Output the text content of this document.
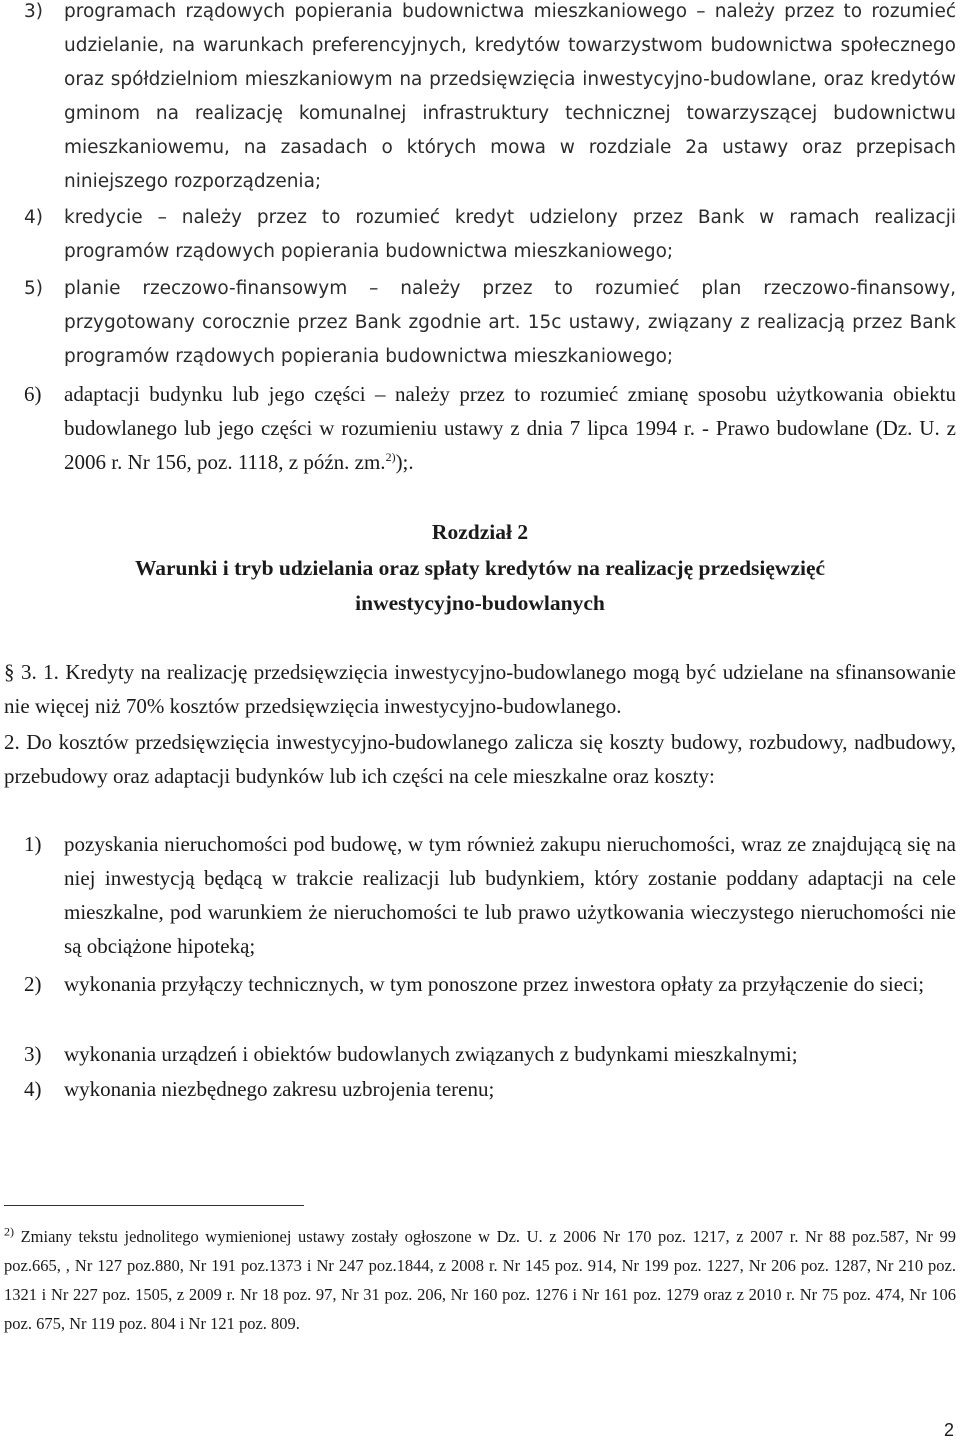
3)	programach rządowych popierania budownictwa mieszkaniowego – należy przez to rozumieć udzielanie, na warunkach preferencyjnych, kredytów towarzystwom budownictwa społecznego oraz spółdzielniom mieszkaniowym na przedsięwzięcia inwestycyjno-budowlane, oraz kredytów gminom na realizację komunalnej infrastruktury technicznej towarzyszącej budownictwu mieszkaniowemu, na zasadach o których mowa w rozdziale 2a ustawy oraz przepisach niniejszego rozporządzenia;
4)	kredycie – należy przez to rozumieć kredyt udzielony przez Bank w ramach realizacji programów rządowych popierania budownictwa mieszkaniowego;
5)	planie rzeczowo-finansowym – należy przez to rozumieć plan rzeczowo-finansowy, przygotowany corocznie przez Bank zgodnie art. 15c ustawy, związany z realizacją przez Bank programów rządowych popierania budownictwa mieszkaniowego;
6)	adaptacji budynku lub jego części – należy przez to rozumieć zmianę sposobu użytkowania obiektu budowlanego lub jego części w rozumieniu ustawy z dnia 7 lipca 1994 r. - Prawo budowlane (Dz. U. z 2006 r. Nr 156, poz. 1118, z późn. zm.$^{2)}$);.
Rozdział 2
Warunki i tryb udzielania oraz spłaty kredytów na realizację przedsięwzięć
inwestycyjno-budowlanych
§ 3. 1. Kredyty na realizację przedsięwzięcia inwestycyjno-budowlanego mogą być udzielane na sfinansowanie nie więcej niż 70% kosztów przedsięwzięcia inwestycyjno-budowlanego.
2. Do kosztów przedsięwzięcia inwestycyjno-budowlanego zalicza się koszty budowy, rozbudowy, nadbudowy, przebudowy oraz adaptacji budynków lub ich części na cele mieszkalne oraz koszty:
1)	pozyskania nieruchomości pod budowę, w tym również zakupu nieruchomości, wraz ze znajdującą się na niej inwestycją będącą w trakcie realizacji lub budynkiem, który zostanie poddany adaptacji na cele mieszkalne, pod warunkiem że nieruchomości te lub prawo użytkowania wieczystego nieruchomości nie są obciążone hipoteką;
2)	wykonania przyłączy technicznych, w tym ponoszone przez inwestora opłaty za przyłączenie do sieci;
3)	wykonania urządzeń i obiektów budowlanych związanych z budynkami mieszkalnymi;
4)	wykonania niezbędnego zakresu uzbrojenia terenu;
$^{2)}$ Zmiany tekstu jednolitego wymienionej ustawy zostały ogłoszone w Dz. U. z 2006 Nr 170 poz. 1217, z 2007 r. Nr 88 poz.587, Nr 99 poz.665, , Nr 127 poz.880, Nr 191 poz.1373 i Nr 247 poz.1844, z 2008 r. Nr 145 poz. 914, Nr 199 poz. 1227, Nr 206 poz. 1287, Nr 210 poz. 1321 i Nr 227 poz. 1505, z 2009 r. Nr 18 poz. 97, Nr 31 poz. 206, Nr 160 poz. 1276 i Nr 161 poz. 1279 oraz z 2010 r. Nr 75 poz. 474, Nr 106 poz. 675, Nr 119 poz. 804 i Nr 121 poz. 809.
2
